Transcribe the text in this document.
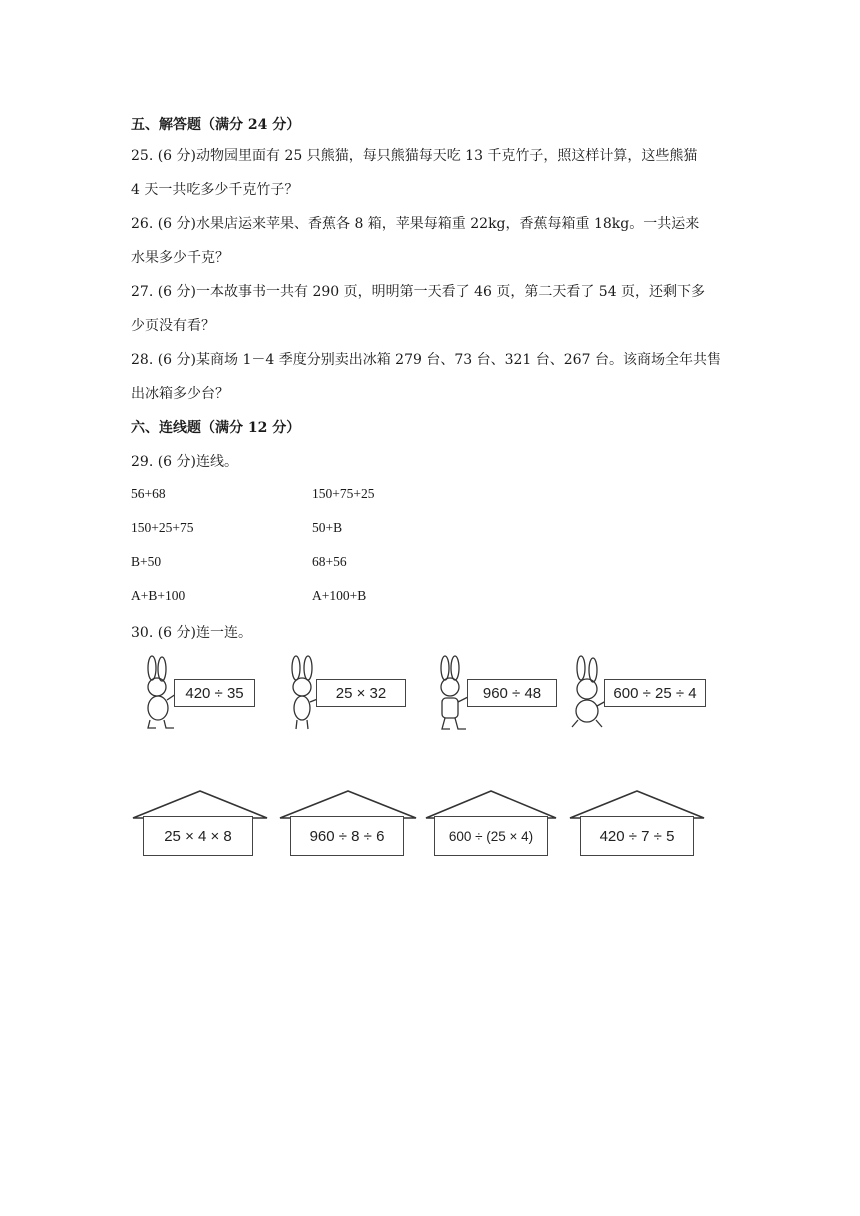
五、解答题（满分 24 分）
25. (6 分)动物园里面有 25 只熊猫，每只熊猫每天吃 13 千克竹子，照这样计算，这些熊猫
4 天一共吃多少千克竹子？
26. (6 分)水果店运来苹果、香蕉各 8 箱，苹果每箱重 22kg，香蕉每箱重 18kg。一共运来
水果多少千克？
27. (6 分)一本故事书一共有 290 页，明明第一天看了 46 页，第二天看了 54 页，还剩下多
少页没有看？
28. (6 分)某商场 1－4 季度分别卖出冰箱 279 台、73 台、321 台、267 台。该商场全年共售
出冰箱多少台？
六、连线题（满分 12 分）
29. (6 分)连线。
56+68
150+25+75
B+50
A+B+100
150+75+25
50+B
68+56
A+100+B
30. (6 分)连一连。
420 ÷ 35	25 × 32	960 ÷ 48	600 ÷ 25 ÷ 4
25 × 4 × 8	960 ÷ 8 ÷ 6	600 ÷ (25 × 4)	420 ÷ 7 ÷ 5
